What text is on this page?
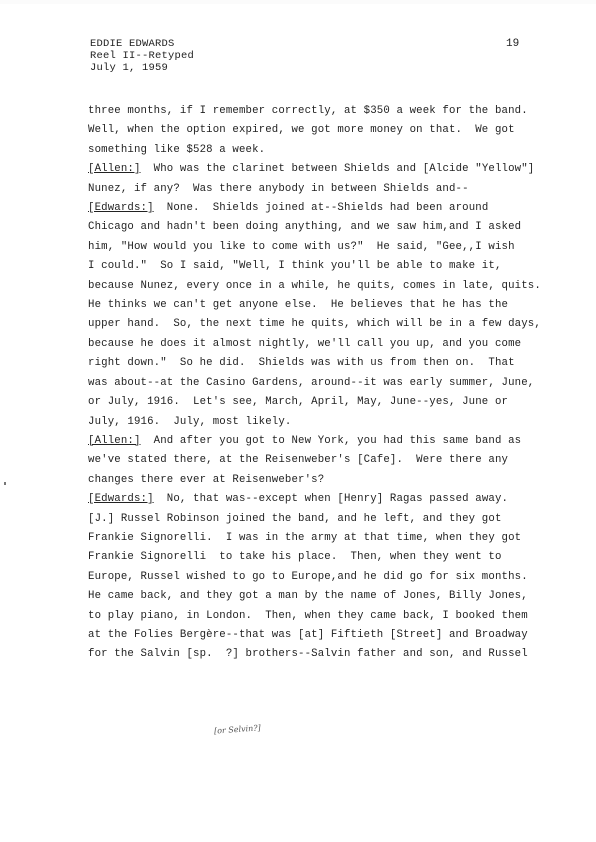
EDDIE EDWARDS
Reel II--Retyped
July 1, 1959
19
three months, if I remember correctly, at $350 a week for the band.
Well, when the option expired, we got more money on that.  We got
something like $528 a week.
[Allen:]  Who was the clarinet between Shields and [Alcide "Yellow"]
Nunez, if any?  Was there anybody in between Shields and--
[Edwards:]  None.  Shields joined at--Shields had been around
Chicago and hadn't been doing anything, and we saw him,and I asked
him, "How would you like to come with us?"  He said, "Gee,,I wish
I could."  So I said, "Well, I think you'll be able to make it,
because Nunez, every once in a while, he quits, comes in late, quits.
He thinks we can't get anyone else.  He believes that he has the
upper hand.  So, the next time he quits, which will be in a few days,
because he does it almost nightly, we'll call you up, and you come
right down."  So he did.  Shields was with us from then on.  That
was about--at the Casino Gardens, around--it was early summer, June,
or July, 1916.  Let's see, March, April, May, June--yes, June or
July, 1916.  July, most likely.
[Allen:]  And after you got to New York, you had this same band as
we've stated there, at the Reisenweber's [Cafe].  Were there any
changes there ever at Reisenweber's?
[Edwards:]  No, that was--except when [Henry] Ragas passed away.
[J.] Russel Robinson joined the band, and he left, and they got
Frankie Signorelli.  I was in the army at that time, when they got
Frankie Signorelli  to take his place.  Then, when they went to
Europe, Russel wished to go to Europe,and he did go for six months.
He came back, and they got a man by the name of Jones, Billy Jones,
to play piano, in London.  Then, when they came back, I booked them
at the Folies Bergère--that was [at] Fiftieth [Street] and Broadway
for the Salvin [sp.  ?] brothers--Salvin father and son, and Russel
[or Selvin?]
